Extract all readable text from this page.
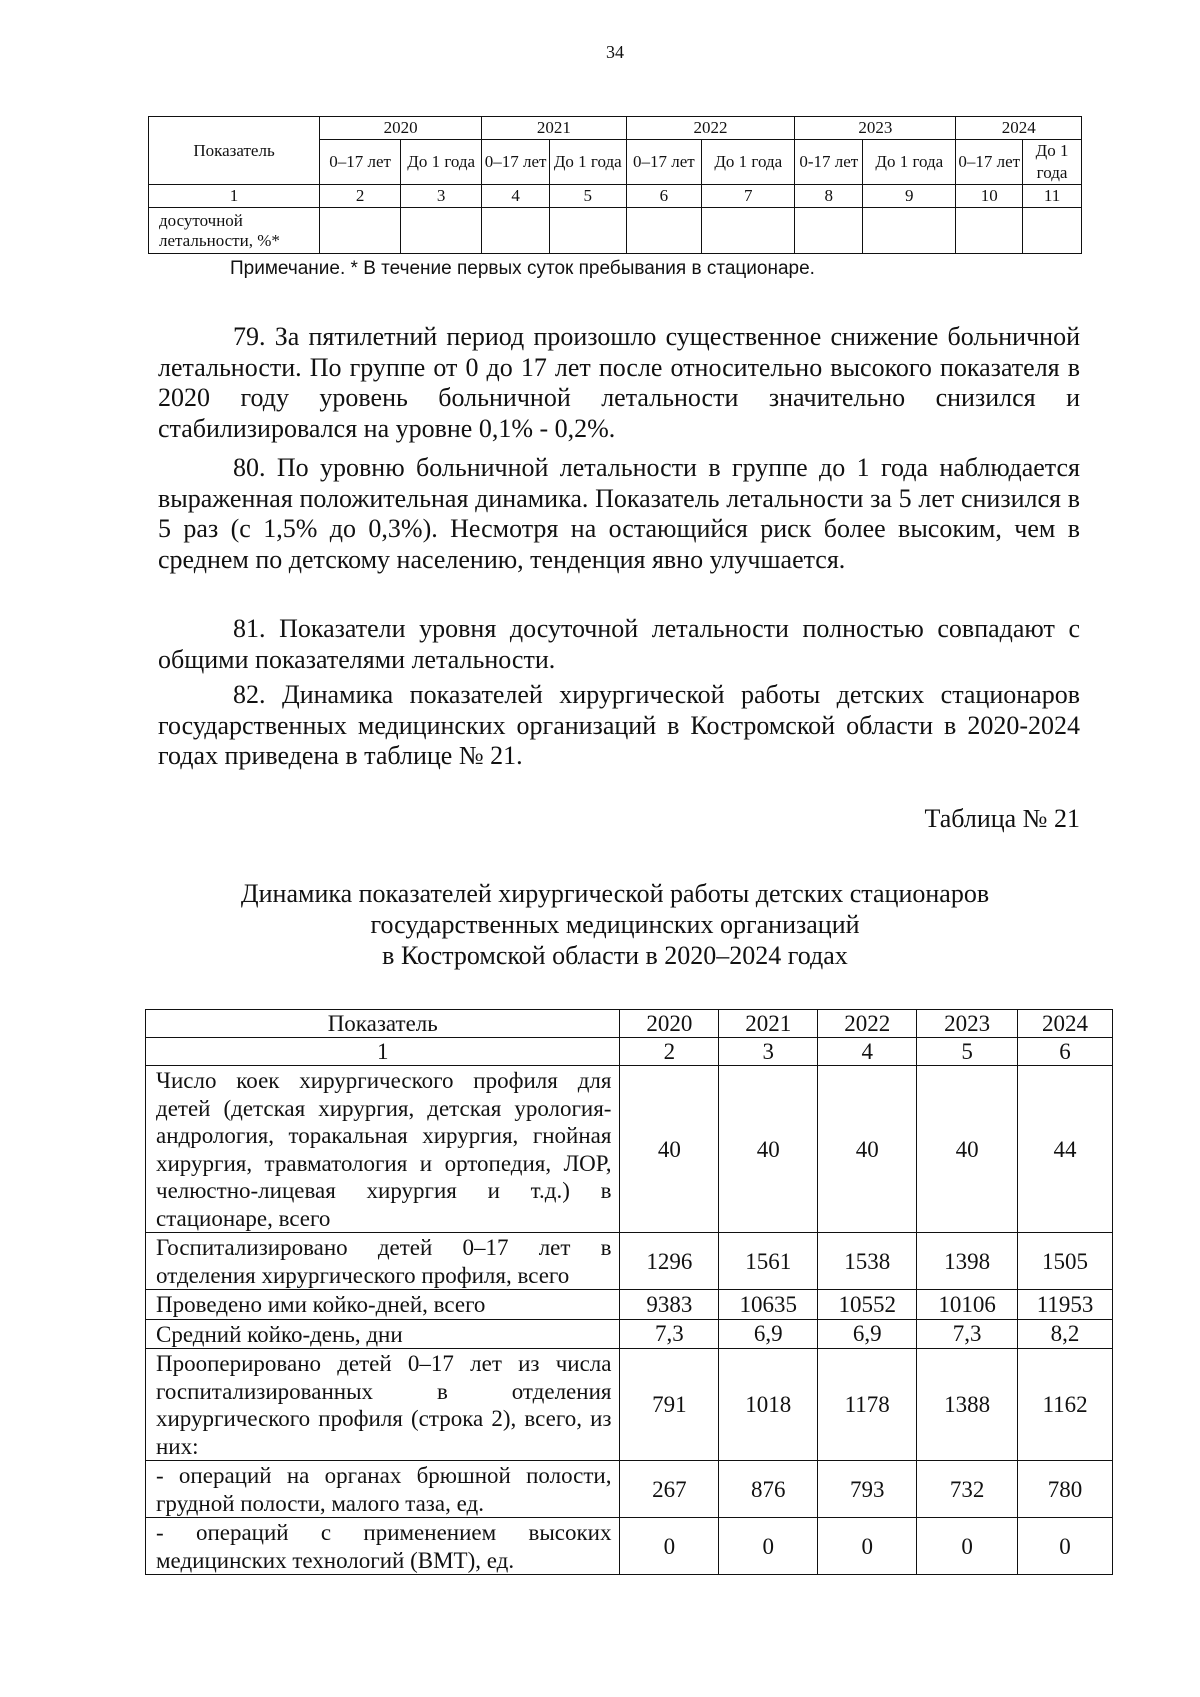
34
Показатель	2020		2021		2022		2023		2024	
	0–17 лет	До 1 года	0–17 лет	До 1 года	0–17 лет	До 1 года	0-17 лет	До 1 года	0–17 лет	До 1 года
1	2	3	4	5	6	7	8	9	10	11
досуточной летальности, %*										
Примечание. * В течение первых суток пребывания в стационаре.

79. За пятилетний период произошло существенное снижение больничной летальности. По группе от 0 до 17 лет после относительно высокого показателя в 2020 году уровень больничной летальности значительно снизился и стабилизировался на уровне 0,1% - 0,2%.

80. По уровню больничной летальности в группе до 1 года наблюдается выраженная положительная динамика. Показатель летальности за 5 лет снизился в 5 раз (с 1,5% до 0,3%). Несмотря на остающийся риск более высоким, чем в среднем по детскому населению, тенденция явно улучшается.

81. Показатели уровня досуточной летальности полностью совпадают с общими показателями летальности.

82. Динамика показателей хирургической работы детских стационаров государственных медицинских организаций в Костромской области в 2020-2024 годах приведена в таблице № 21.

Таблица № 21
Динамика показателей хирургической работы детских стационаров
государственных медицинских организаций
в Костромской области в 2020–2024 годах
Показатель	2020	2021	2022	2023	2024
1	2	3	4	5	6
Число коек хирургического профиля для детей (детская хирургия, детская урология-андрология, торакальная хирургия, гнойная хирургия, травматология и ортопедия, ЛОР, челюстно-лицевая хирургия и т.д.) в стационаре, всего	40	40	40	40	44
Госпитализировано детей 0–17 лет в отделения хирургического профиля, всего	1296	1561	1538	1398	1505
Проведено ими койко-дней, всего	9383	10635	10552	10106	11953
Средний койко-день, дни	7,3	6,9	6,9	7,3	8,2
Прооперировано детей 0–17 лет из числа госпитализированных в отделения хирургического профиля (строка 2), всего, из них:	791	1018	1178	1388	1162
- операций на органах брюшной полости, грудной полости, малого таза, ед.	267	876	793	732	780
- операций с применением высоких медицинских технологий (ВМТ), ед.	0	0	0	0	0
